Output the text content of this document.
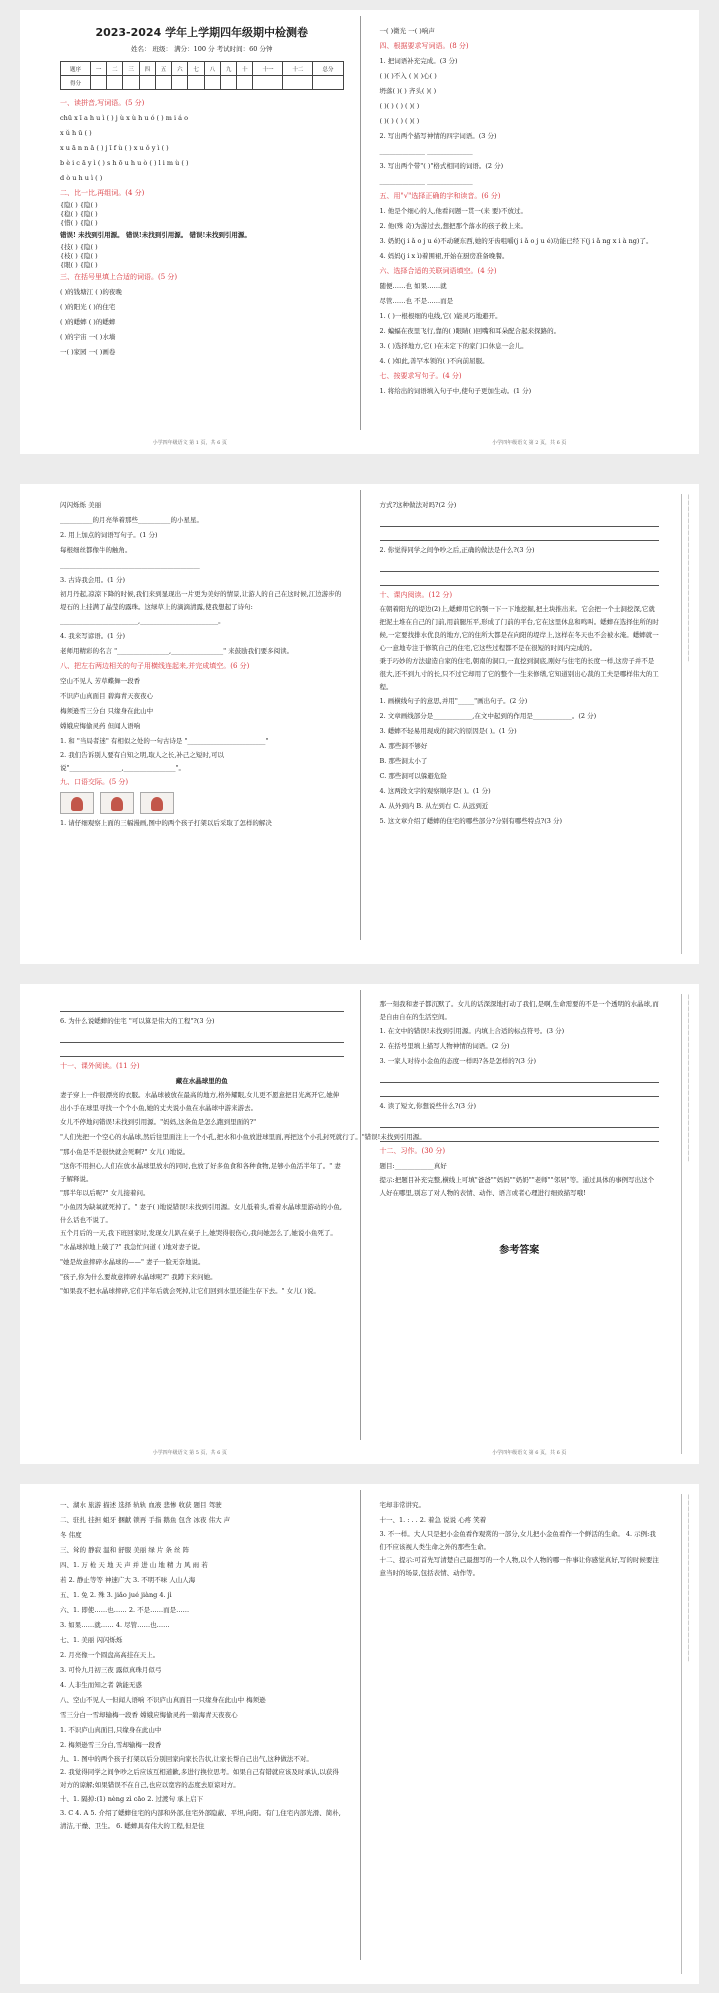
2023-2024 学年上学期四年级期中检测卷
姓名： 班级： 满分：100 分 考试时间：60 分钟
题序	一	二	三	四	五	六	七	八	九	十	十一	十二	总分
得分													
一、读拼音,写词语。(5 分)
chū x ī a h u ì ( ) j ù x ù h u ó ( ) m i á o
x ǔ h ū ( )
x u ā n n ā ( ) j ī f ù ( ) x u ǒ y ì ( )
b è i c ā y ì ( ) s h ō u h u ò ( ) l i m ù ( )
d ò u h u ì ( )
二、比一比,再组词。(4 分)
{隐( ) {隐( )
{稳( ) {隐( )
{惜( ) {隐( )
错误! 未找到引用源。 错误!未找到引用源。 错误!未找到引用源。
{技( ) {隐( )
{枝( ) {隐( )
{眼( ) {隐( )
三、在括号里填上合适的词语。(5 分)
( )的钱塘江 ( )的夜晚
( )的阳光 ( )的住宅
( )的蟋蟀 ( )的蟋蟀
( )的宇宙 一( )水墙
一( )家园 一( )画卷
一( )微光 一( )响声
四、根据要求写词语。(8 分)
1. 把词语补充完成。(3 分)
( )( )不入 ( )( )心( )
坍落( )( ) 齐头( )( )
( )( ) ( ) ( )( )
( )( ) ( ) ( )( )
2. 写出两个描写神情的四字词语。(3 分)
______________ ______________
3. 写出两个带"( )"格式相同的词语。(2 分)
______________ ______________
五、用"√"选择正确的字和读音。(6 分)
1. 他是个细心的人,他看问题一贯一(来 要)不放过。
2. 他(殊 奇)为游过去,想把那个落水的孩子救上来。
3. 奶奶(j i ǎ o j u é)不动硬东西,她的牙齿咀嚼(j i ǎ o j u é)功能已经下(j i ǎ ng x i à ng)了。
4. 妈妈(j i x ì)着围裙,开始在厨房准备晚餐。
六、选择合适的关联词语填空。(4 分)
随便……也 如果……就
尽管……也 不是……而是
1. ( )一根根细的电线,它( )能灵巧地避开。
2. 蝙蝠在夜里飞行,靠的( )眼睛( )回嘴和耳朵配合起来探路的。
3. ( )选择地方,它( )在未定下的家门口休息一会儿。
4. ( )如此,善罕本领的( )不向前屈服。
七、按要求写句子。(4 分)
1. 将给出的词语填入句子中,使句子更加生动。(1 分)
小学四年级语文 第 1 页，共 6 页	小学四年级语文 第 2 页，共 6 页
闪闪烁烁 美丽
__________的月亮举着那些__________的小星星。
2. 用上加点的词语写句子。(1 分)
每根细丝都像牛的触角。
___________________________________________
3. 古诗我会用。(1 分)
初月丹起,凉涼下降的时候,我们来到显现出一片更为美好的情景,让游人的自己在这时候,江边游步的堤石的上挂满了晶莹的露珠。这绿草上的滴滴清露,使我想起了诗句:
________________________,________________________。
4. 我来写谚语。(1 分)
老师用精彩的名言 "________________,________________" 来鼓励我们要多阅读。
八、把左右两边相关的句子用横线连起来,并完成填空。(6 分)
空山不见人 芳草蝶舞一段香
不识庐山真面目 碧海青天夜夜心
梅须逊雪三分白 只缘身在此山中
嫦娥应悔偷灵药 但闻人语响
1. 和 "当局者迷" 有相似之处的一句古诗是 "________________________"
2. 我们告诉别人要有自知之明,取人之长,补己之短时,可以说"________________,________________"。
九、口语交际。(5 分)
1. 请仔细观察上面的三幅漫画,图中的两个孩子打架以后采取了怎样的解决
方式?这种做法对吗?(2 分)
2. 你觉得同学之间争吵之后,正确的做法是什么?(3 分)
十、课内阅读。(12 分)
在朝着阳光的堤边(2)上,蟋蟀用它的颚一下一下地挖掘,把土块推出来。它会把一个土洞挖深,它就把泥土堆在自己的门前,用前腿压平,形成了门前的平台,它在这里休息和鸣叫。蟋蟀在选择住所的时候,一定要找排水优良的地方,它的住所大都是在向阳的堤岸上,这样在冬天也不会被水淹。蟋蟀就一心一意地专注于修筑自己的住宅,它这些过程都不是在很短的时间内完成的。
秉于巧妙的方法建造自家的住宅,朝南的洞口,一直挖到洞底,刚好与住宅的长度一样,这房子并不是很大,还不到九寸的长,只不过它却用了它的整个一生来修缮,它知道别出心裁的工夫是哪样伟大的工程。
1. 画横线句子的意思,并用"_____"画出句子。(2 分)
2. 文章画线部分是____________,在文中起到的作用是____________。(2 分)
3. 蟋蟀不轻易用现成的洞穴的原因是( )。(1 分)
A. 那些洞不够好
B. 那些洞太小了
C. 那些洞可以躲避危险
4. 这两段文字的观察顺序是( )。(1 分)
A. 从外到内 B. 从左到右 C. 从远到近
5. 这文章介绍了蟋蟀的住宅的哪些部分?分别有哪些特点?(3 分)
|
|
|
|
|
|
|
|
|
|
|
|
|
|
|
|
|
|
|
|
|
|
|
|
|
|
|
|
6. 为什么说蟋蟀的住宅 "可以算是伟大的工程"?(3 分)
十一、课外阅读。(11 分)
藏在水晶球里的鱼
妻子穿上一件很漂亮的衣服。水晶球被放在最高的地方,格外耀眼,女儿更不愿意把目光离开它,她伸出小手在球里寻找一个个小鱼,她的丈夫说小鱼在水晶球中游来游去。
女儿不停地问错误!未找到引用源。"妈妈,这条鱼是怎么跑到里面的?"
"人们先把一个空心的水晶球,然后往里面注上一个小孔,把水和小鱼放进球里面,再把这个小孔封死就行了。"错误!未找到引用源。
"那小鱼是不是很快就会死啊?" 女儿( )地说。
"这你不用担心,人们在放水晶球里放水的同时,也放了好多鱼食和各种食物,足够小鱼活半年了。" 妻子解释说。
"那半年以后呢?" 女儿接着问。
"小鱼因为缺氧就死掉了。" 妻子( )地说错误!未找到引用源。女儿低着头,看着水晶球里游动的小鱼,什么话也不说了。
五个月后的一天,我下班回家时,发现女儿趴在桌子上,她哭得很伤心,我问她怎么了,她说小鱼死了。
"水晶球掉地上破了?" 我急忙问道 ( )地对妻子说。
"她是故意摔碎水晶球的——" 妻子一脸无奈地说。
"孩子,你为什么要故意摔碎水晶球呢?" 我蹲下来问她。
"如果我不把水晶球摔碎,它们半年后就会死掉,让它们回到水里还能生存下去。" 女儿( )说。
那一刻我和妻子都沉默了。女儿的话深深地打动了我们,是啊,生命需要的不是一个透明的水晶球,而是自由自在的生活空间。
1. 在文中的错误!未找到引用源。内填上合适的标点符号。(3 分)
2. 在括号里填上描写人物神情的词语。(2 分)
3. 一家人对待小金鱼的态度一样吗?各是怎样的?(3 分)
4. 读了短文,你想说些什么?(3 分)
十二、习作。(30 分)
题目:____________真好
提示:把题目补充完整,横线上可填"爸爸""妈妈""奶奶""老师""邻居"等。通过具体的事例写出这个人好在哪里,别忘了对人物的表情、动作、语言或者心理进行细致描写哦!
参考答案
|
|
|
|
|
|
|
|
|
|
|
|
|
|
|
|
|
|
|
|
|
|
|
|
|
|
|
|
小学四年级语文 第 5 页，共 6 页	小学四年级语文 第 6 页，共 6 页
一、湖水 旅游 描述 选择 轨轨 血液 悲惨 收获 题目 驾驶
二、驻扎 挂担 蛆牙 捆献 锁再 手指 鹅鱼 包含 冰夜 伟大 声
冬 伟度
三、耸的 静寂 温和 舒服 美丽 绿 片 条 丝 阵
四、1. 万 枪 天 地 天 声 并 进 山 地 精 力 风 雨 若
若 2. 静止等等 神速广大 3. 不明不味 人山人海
五、1. 免 2. 殊 3. jiǎo jué jiàng 4. jì
六、1. 即使……也…… 2. 不是……而是……
3. 如果……就…… 4. 尽管……也……
七、1. 美丽 闪闪烁烁
2. 月亮像一个圆盘高高挂在天上。
3. 可怜九月初三夜 露似真珠月似弓
4. 人非生而知之者 孰能无惑
八、空山不见人一但闻人语响 不识庐山真面目一只缘身在此山中 梅须逊
雪三分白一雪却输梅一段香 嫦娥应悔偷灵药一碧海青天夜夜心
1. 不识庐山真面目,只缘身在此山中
2. 梅须逊雪三分白,雪却输梅一段香
九、1. 图中的两个孩子打架以后分别回家向家长告状,让家长帮自己出气,这种做法不对。
2. 我觉得同学之间争吵之后应该互相道歉,多进行换位思考。如果自己有错就应该及时承认,以获得对方的谅解;如果错误不在自己,也应以宽容的态度去原谅对方。
十、1. 隔掉:(1) nèng zì cāo 2. 过渡句 承上启下
3. C 4. A 5. 介绍了蟋蟀住宅的内部和外部,住宅外部隐蔽、平坦,向阳。有门,住宅内部光滑、简朴,清洁,干燥、卫生。 6. 蟋蟀具有伟大的工程,但是住
宅却非常讲究。
十一、1. : . . 2. 着急 说说 心疼 笑着
3. 不一样。大人只是把小金鱼看作观赏的一部分,女儿把小金鱼看作一个鲜活的生命。 4. 示例:我们不应该视人类生命之外的那些生命。
十二、提示:可首先写清楚自己最想写的一个人物,以个人物的哪一件事让你感觉真好,写的时候要注意当时的场景,包括表情、动作等。
|
|
|
|
|
|
|
|
|
|
|
|
|
|
|
|
|
|
|
|
|
|
|
|
|
|
|
|
